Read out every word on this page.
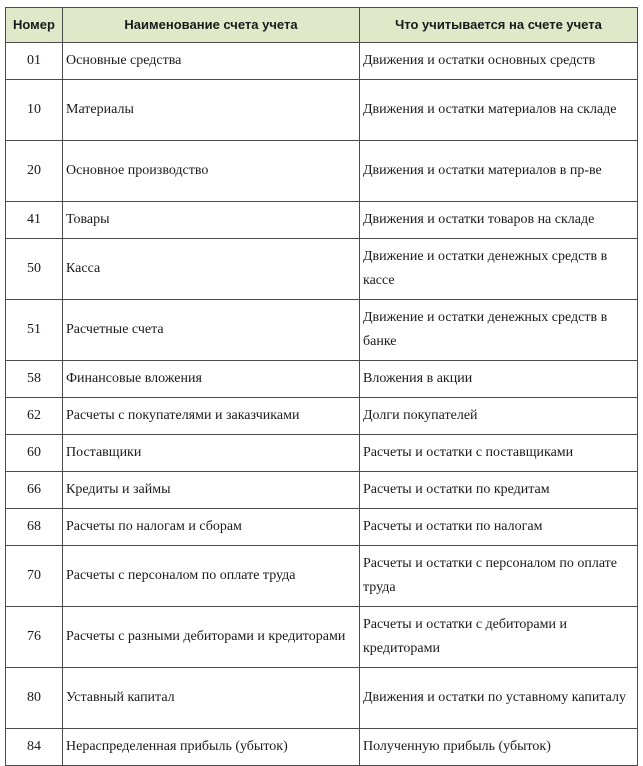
Номер	Наименование счета учета	Что учитывается на счете учета
01	Основные средства	Движения и остатки основных средств
10	Материалы	Движения и остатки материалов на складе
20	Основное производство	Движения и остатки материалов в пр-ве
41	Товары	Движения и остатки товаров на складе
50	Касса	Движение и остатки денежных средств в кассе
51	Расчетные счета	Движение и остатки денежных средств в банке
58	Финансовые вложения	Вложения в акции
62	Расчеты с покупателями и заказчиками	Долги покупателей
60	Поставщики	Расчеты и остатки с поставщиками
66	Кредиты и займы	Расчеты и остатки по кредитам
68	Расчеты по налогам и сборам	Расчеты и остатки по налогам
70	Расчеты с персоналом по оплате труда	Расчеты и остатки с персоналом по оплате труда
76	Расчеты с разными дебиторами и кредиторами	Расчеты и остатки с дебиторами и кредиторами
80	Уставный капитал	Движения и остатки по уставному капиталу
84	Нераспределенная прибыль (убыток)	Полученную прибыль (убыток)
